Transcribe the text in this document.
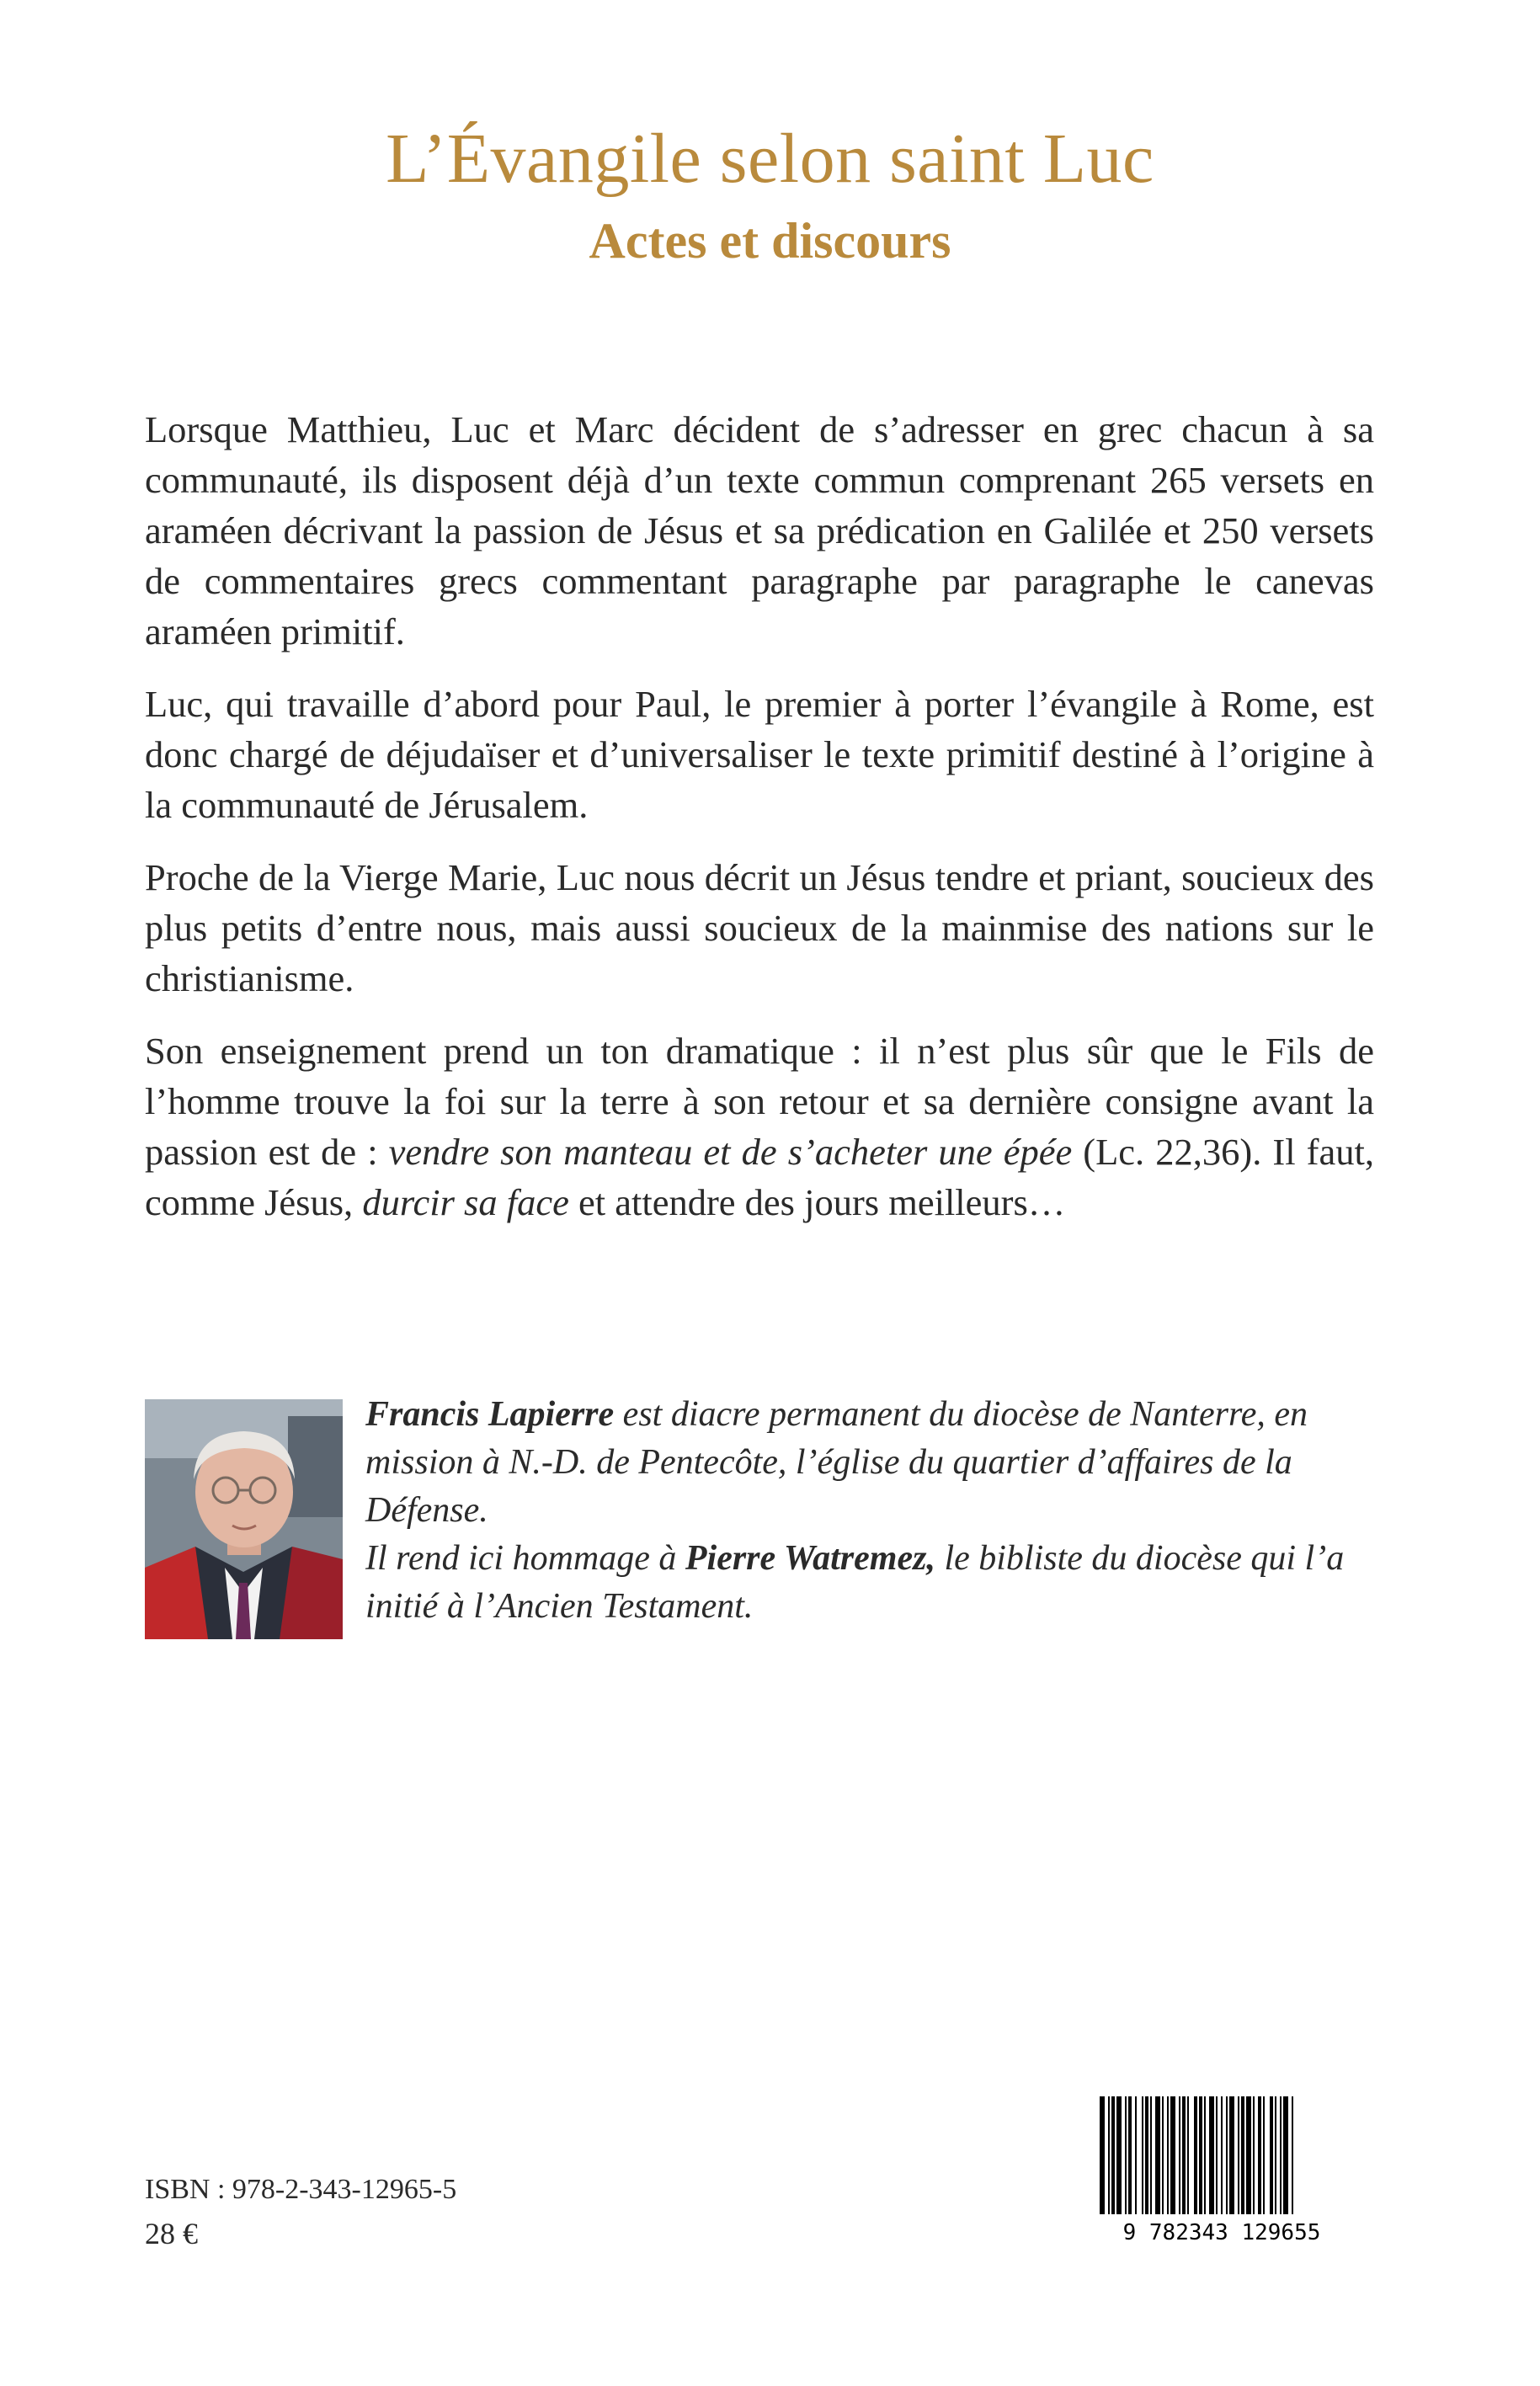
L’Évangile selon saint Luc
Actes et discours

Lorsque Matthieu, Luc et Marc décident de s’adresser en grec chacun à sa communauté, ils disposent déjà d’un texte commun comprenant 265 versets en araméen décrivant la passion de Jésus et sa prédication en Galilée et 250 versets de commentaires grecs commentant paragraphe par paragraphe le canevas araméen primitif.

Luc, qui travaille d’abord pour Paul, le premier à porter l’évangile à Rome, est donc chargé de déjudaïser et d’universaliser le texte primitif destiné à l’origine à la communauté de Jérusalem.

Proche de la Vierge Marie, Luc nous décrit un Jésus tendre et priant, soucieux des plus petits d’entre nous, mais aussi soucieux de la mainmise des nations sur le christianisme.

Son enseignement prend un ton dramatique : il n’est plus sûr que le Fils de l’homme trouve la foi sur la terre à son retour et sa dernière consigne avant la passion est de : vendre son manteau et de s’acheter une épée (Lc. 22,36). Il faut, comme Jésus, durcir sa face et attendre des jours meilleurs…

Francis Lapierre est diacre permanent du diocèse de Nanterre, en mission à N.-D. de Pentecôte, l’église du quartier d’affaires de la Défense.

Il rend ici hommage à Pierre Watremez, le bibliste du diocèse qui l’a initié à l’Ancien Testament.

ISBN : 978-2-343-12965-5
28 €	9 782343 129655
